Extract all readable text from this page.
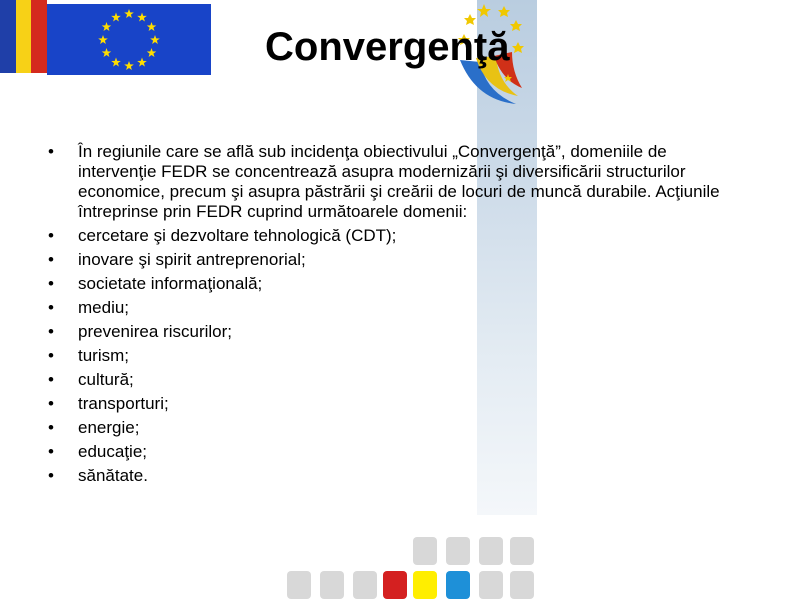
Convergenţă
•	În regiunile care se află sub incidenţa obiectivului „Convergenţă”, domeniile de intervenţie FEDR se concentrează asupra modernizării şi diversificării structurilor economice, precum şi asupra păstrării şi creării de locuri de muncă durabile. Acţiunile întreprinse prin FEDR cuprind următoarele domenii:
•	cercetare şi dezvoltare tehnologică (CDT);
•	inovare şi spirit antreprenorial;
•	societate informaţională;
•	mediu;
•	prevenirea riscurilor;
•	turism;
•	cultură;
•	transporturi;
•	energie;
•	educaţie;
•	sănătate.
